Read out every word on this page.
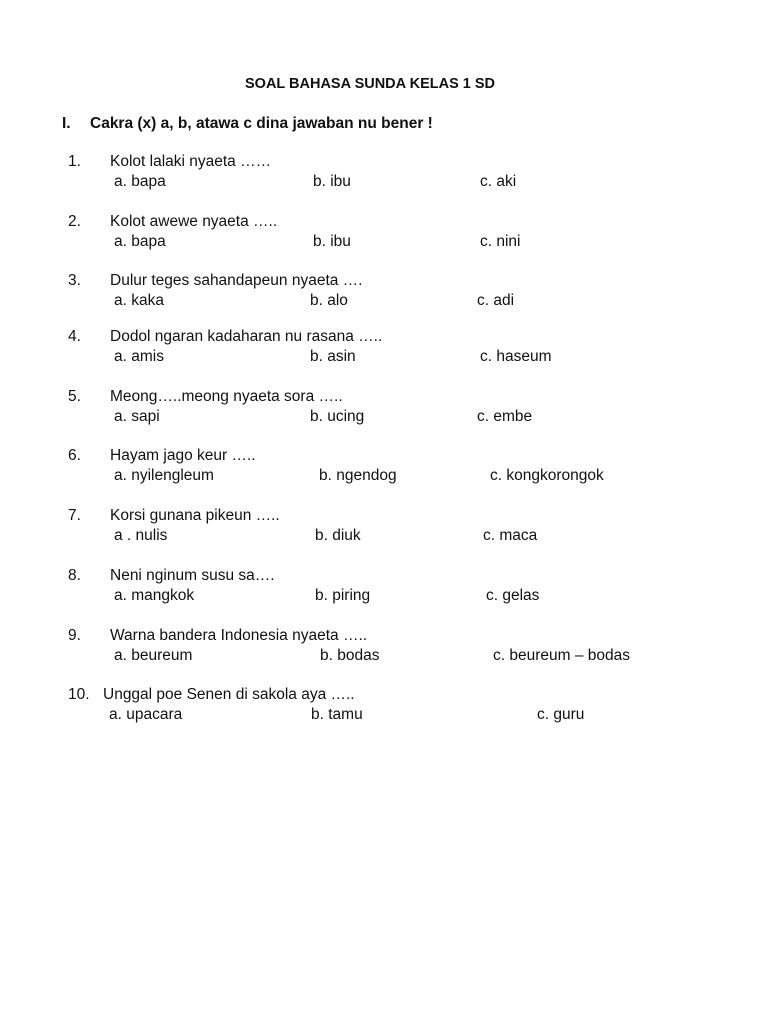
SOAL BAHASA SUNDA KELAS 1 SD
I. Cakra (x) a, b, atawa c dina jawaban nu bener !
1. Kolot lalaki nyaeta ……
a. bapa	b. ibu	c. aki
2. Kolot awewe nyaeta …..
a. bapa	b. ibu	c. nini
3. Dulur teges sahandapeun nyaeta ….
a. kaka	b. alo	c. adi
4. Dodol ngaran kadaharan nu rasana …..
a. amis	b. asin	c. haseum
5. Meong…..meong nyaeta sora …..
a. sapi	b. ucing	c. embe
6. Hayam jago keur …..
a. nyilengleum	b. ngendog	c. kongkorongok
7. Korsi gunana pikeun …..
a . nulis	b. diuk	c. maca
8. Neni nginum susu sa….
a. mangkok	b. piring	c. gelas
9. Warna bandera Indonesia nyaeta …..
a. beureum	b. bodas	c. beureum – bodas
10. Unggal poe Senen di sakola aya …..
a. upacara	b. tamu	c. guru
